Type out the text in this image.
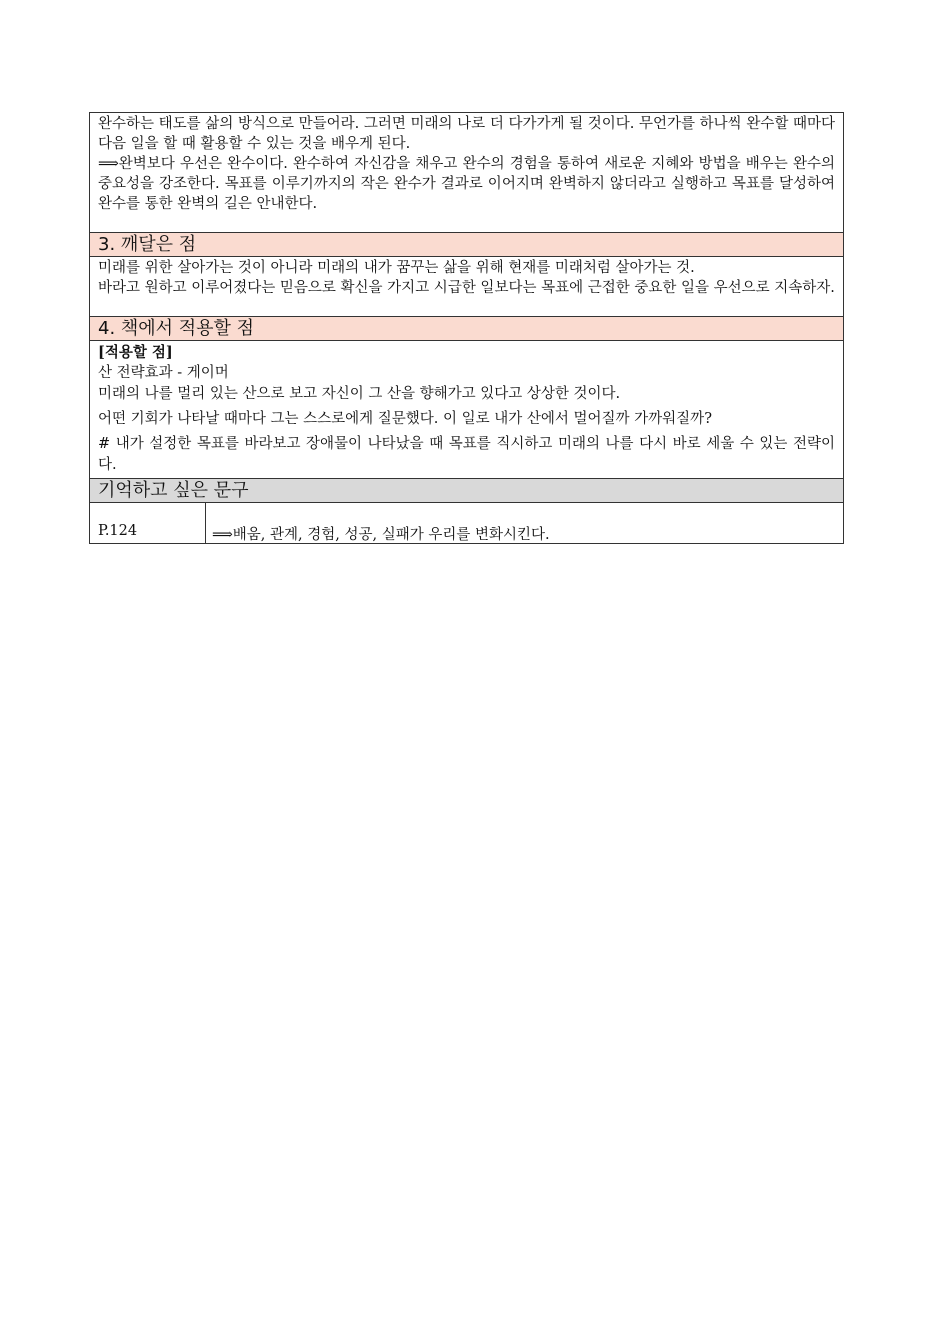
완수하는 태도를 삶의 방식으로 만들어라. 그러면 미래의 나로 더 다가가게 될 것이다. 무언가를 하나씩 완수할 때마다 다음 일을 할 때 활용할 수 있는 것을 배우게 된다.

⟹완벽보다 우선은 완수이다. 완수하여 자신감을 채우고 완수의 경험을 통하여 새로운 지혜와 방법을 배우는 완수의 중요성을 강조한다. 목표를 이루기까지의 작은 완수가 결과로 이어지며 완벽하지 않더라고 실행하고 목표를 달성하여 완수를 통한 완벽의 길은 안내한다.

3. 깨달은 점

미래를 위한 살아가는 것이 아니라 미래의 내가 꿈꾸는 삶을 위해 현재를 미래처럼 살아가는 것.

바라고 원하고 이루어졌다는 믿음으로 확신을 가지고 시급한 일보다는 목표에 근접한 중요한 일을 우선으로 지속하자.

4. 책에서 적용할 점

[적용할 점]

산 전략효과 - 게이머

미래의 나를 멀리 있는 산으로 보고 자신이 그 산을 향해가고 있다고 상상한 것이다.

어떤 기회가 나타날 때마다 그는 스스로에게 질문했다. 이 일로 내가 산에서 멀어질까 가까워질까?

# 내가 설정한 목표를 바라보고 장애물이 나타났을 때 목표를 직시하고 미래의 나를 다시 바로 세울 수 있는 전략이다.

기억하고 싶은 문구
P.124	⟹배움, 관계, 경험, 성공, 실패가 우리를 변화시킨다.
